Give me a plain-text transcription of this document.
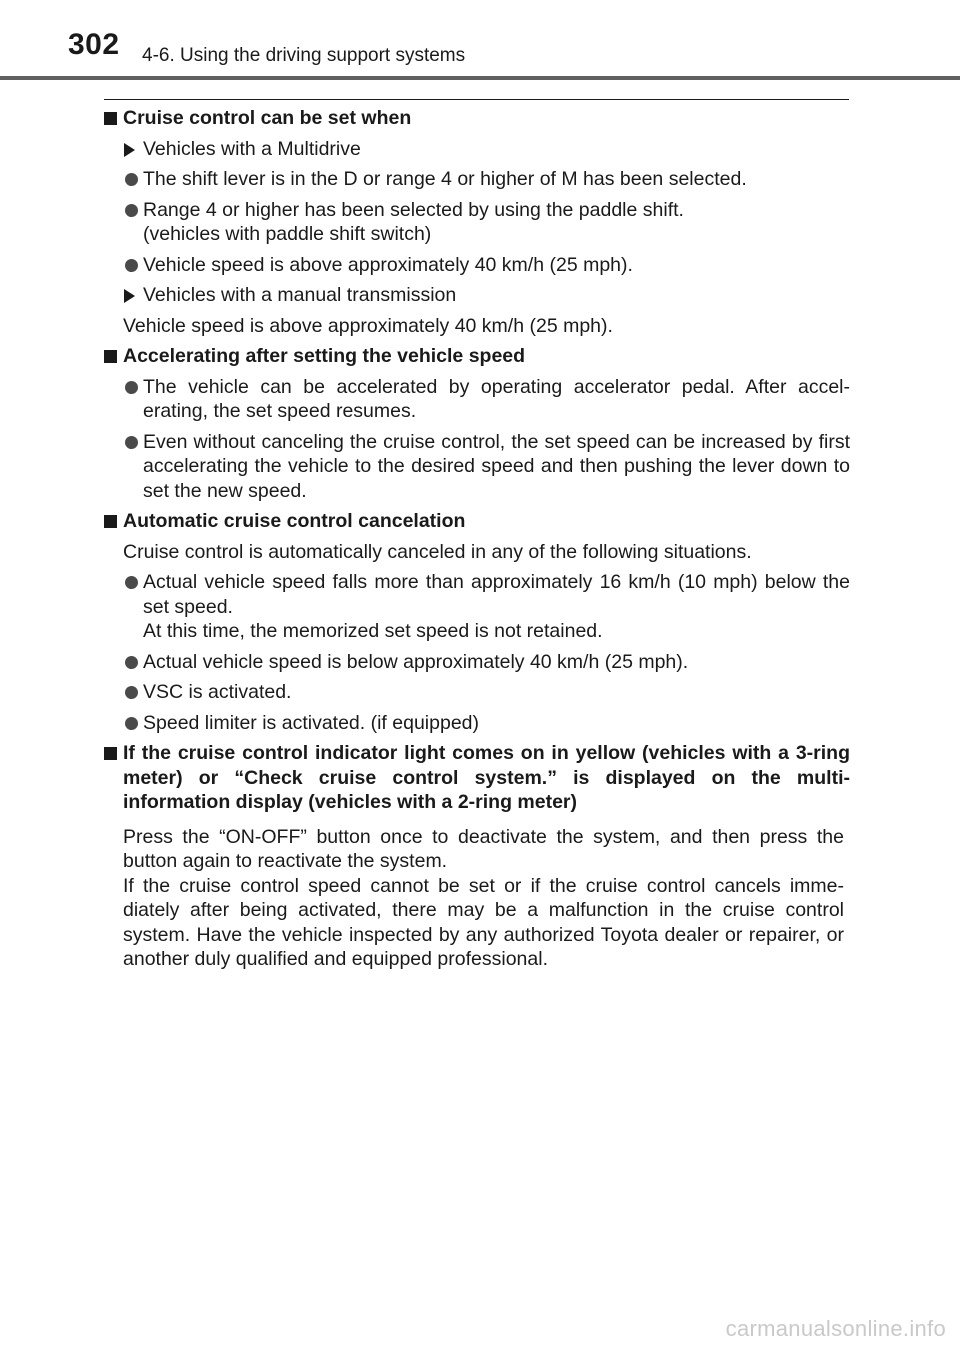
302 4-6. Using the driving support systems
Cruise control can be set when
Vehicles with a Multidrive
The shift lever is in the D or range 4 or higher of M has been selected.
Range 4 or higher has been selected by using the paddle shift.
(vehicles with paddle shift switch)
Vehicle speed is above approximately 40 km/h (25 mph).
Vehicles with a manual transmission
Vehicle speed is above approximately 40 km/h (25 mph).
Accelerating after setting the vehicle speed
The vehicle can be accelerated by operating accelerator pedal. After accel-erating, the set speed resumes.
Even without canceling the cruise control, the set speed can be increased by first accelerating the vehicle to the desired speed and then pushing the lever down to set the new speed.
Automatic cruise control cancelation
Cruise control is automatically canceled in any of the following situations.
Actual vehicle speed falls more than approximately 16 km/h (10 mph) below the set speed.
At this time, the memorized set speed is not retained.
Actual vehicle speed is below approximately 40 km/h (25 mph).
VSC is activated.
Speed limiter is activated. (if equipped)
If the cruise control indicator light comes on in yellow (vehicles with a 3-ring meter) or “Check cruise control system.” is displayed on the multi-information display (vehicles with a 2-ring meter)
Press the “ON-OFF” button once to deactivate the system, and then press the button again to reactivate the system.
If the cruise control speed cannot be set or if the cruise control cancels imme-diately after being activated, there may be a malfunction in the cruise control system. Have the vehicle inspected by any authorized Toyota dealer or repairer, or another duly qualified and equipped professional.
carmanualsonline.info
